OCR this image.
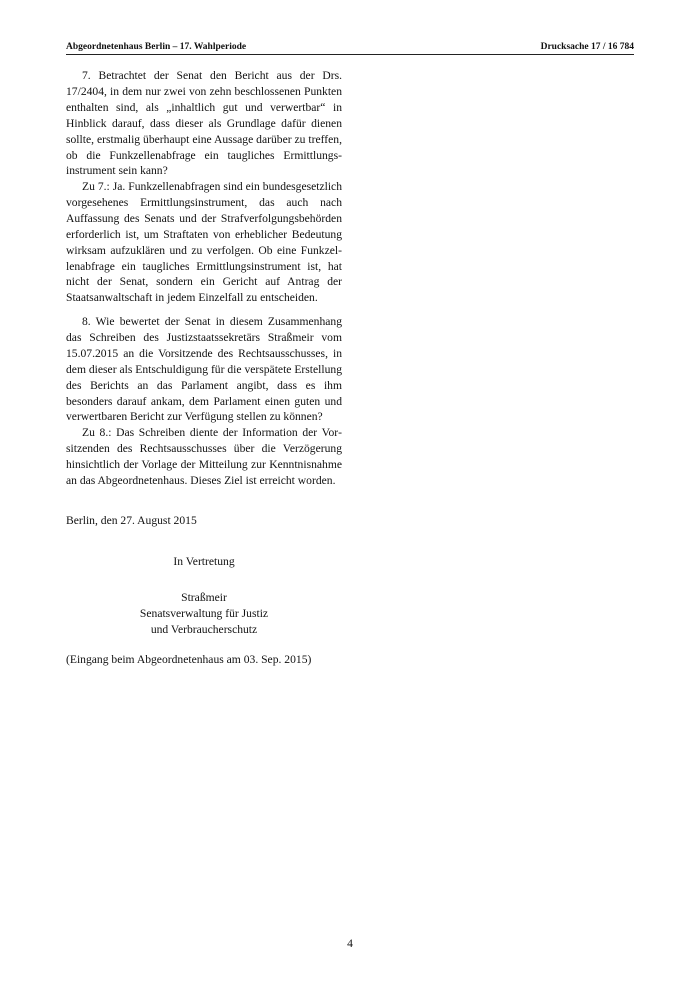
Abgeordnetenhaus Berlin – 17. Wahlperiode	Drucksache 17 / 16 784

7. Betrachtet der Senat den Bericht aus der Drs. 17/2404, in dem nur zwei von zehn beschlossenen Punkten enthalten sind, als „inhaltlich gut und verwertbar“ in Hinblick darauf, dass dieser als Grundlage dafür dienen sollte, erstmalig überhaupt eine Aussage darüber zu treffen, ob die Funkzellenabfrage ein taugliches Ermittlungsinstrument sein kann?

Zu 7.: Ja. Funkzellenabfragen sind ein bundesgesetzlich vorgesehenes Ermittlungsinstrument, das auch nach Auffassung des Senats und der Strafverfolgungsbehörden erforderlich ist, um Straftaten von erheblicher Bedeutung wirksam aufzuklären und zu verfolgen. Ob eine Funkzellenabfrage ein taugliches Ermittlungsinstrument ist, hat nicht der Senat, sondern ein Gericht auf Antrag der Staatsanwaltschaft in jedem Einzelfall zu entscheiden.

8. Wie bewertet der Senat in diesem Zusammenhang das Schreiben des Justizstaatssekretärs Straßmeir vom 15.07.2015 an die Vorsitzende des Rechtsausschusses, in dem dieser als Entschuldigung für die verspätete Erstellung des Berichts an das Parlament angibt, dass es ihm besonders darauf ankam, dem Parlament einen guten und verwertbaren Bericht zur Verfügung stellen zu können?

Zu 8.: Das Schreiben diente der Information der Vorsitzenden des Rechtsausschusses über die Verzögerung hinsichtlich der Vorlage der Mitteilung zur Kenntnisnahme an das Abgeordnetenhaus. Dieses Ziel ist erreicht worden.

Berlin, den 27. August 2015

In Vertretung
Straßmeir
Senatsverwaltung für Justiz
und Verbraucherschutz

(Eingang beim Abgeordnetenhaus am 03. Sep. 2015)

4
